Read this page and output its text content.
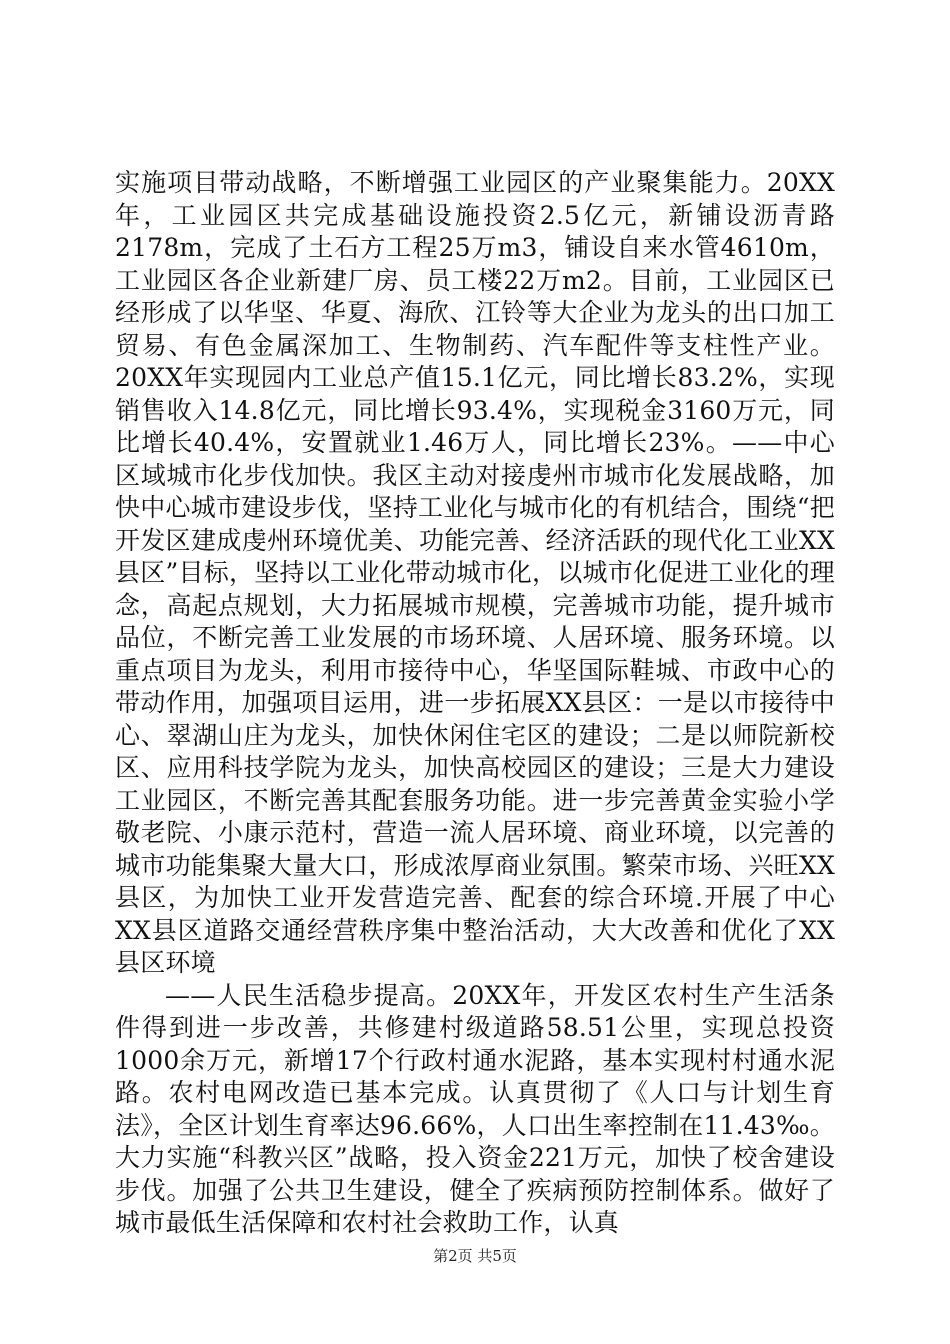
实施项目带动战略，不断增强工业园区的产业聚集能力。20XX年，工业园区共完成基础设施投资2.5亿元，新铺设沥青路2178m，完成了土石方工程25万m3，铺设自来水管4610m，工业园区各企业新建厂房、员工楼22万m2。目前，工业园区已经形成了以华坚、华夏、海欣、江铃等大企业为龙头的出口加工贸易、有色金属深加工、生物制药、汽车配件等支柱性产业。20XX年实现园内工业总产值15.1亿元，同比增长83.2%，实现销售收入14.8亿元，同比增长93.4%，实现税金3160万元，同比增长40.4%，安置就业1.46万人，同比增长23%。——中心区域城市化步伐加快。我区主动对接虔州市城市化发展战略，加快中心城市建设步伐，坚持工业化与城市化的有机结合，围绕“把开发区建成虔州环境优美、功能完善、经济活跃的现代化工业XX县区”目标，坚持以工业化带动城市化，以城市化促进工业化的理念，高起点规划，大力拓展城市规模，完善城市功能，提升城市品位，不断完善工业发展的市场环境、人居环境、服务环境。以重点项目为龙头，利用市接待中心，华坚国际鞋城、市政中心的带动作用，加强项目运用，进一步拓展XX县区：一是以市接待中心、翠湖山庄为龙头，加快休闲住宅区的建设；二是以师院新校区、应用科技学院为龙头，加快高校园区的建设；三是大力建设工业园区，不断完善其配套服务功能。进一步完善黄金实验小学敬老院、小康示范村，营造一流人居环境、商业环境，以完善的城市功能集聚大量大口，形成浓厚商业氛围。繁荣市场、兴旺XX县区，为加快工业开发营造完善、配套的综合环境.开展了中心XX县区道路交通经营秩序集中整治活动，大大改善和优化了XX县区环境

——人民生活稳步提高。20XX年，开发区农村生产生活条件得到进一步改善，共修建村级道路58.51公里，实现总投资1000余万元，新增17个行政村通水泥路，基本实现村村通水泥路。农村电网改造已基本完成。认真贯彻了《人口与计划生育法》，全区计划生育率达96.66%，人口出生率控制在11.43‰。大力实施“科教兴区”战略，投入资金221万元，加快了校舍建设步伐。加强了公共卫生建设，健全了疾病预防控制体系。做好了城市最低生活保障和农村社会救助工作，认真

第2页 共5页
